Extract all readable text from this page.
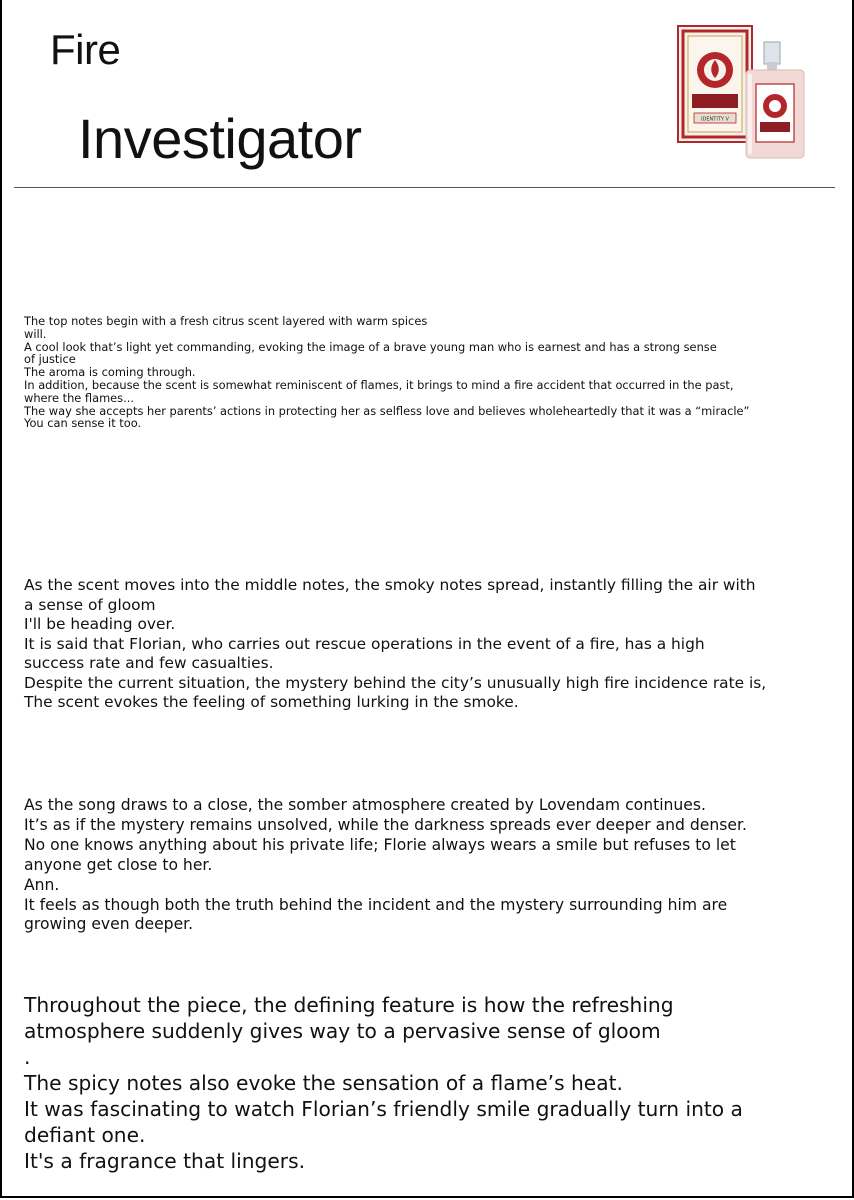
Fire
Investigator	IDENTITY V

The top notes begin with a fresh citrus scent layered with warm spices

will.

A cool look that’s light yet commanding, evoking the image of a brave young man who is earnest and has a strong sense

of justice

The aroma is coming through.

In addition, because the scent is somewhat reminiscent of flames, it brings to mind a fire accident that occurred in the past,

where the flames...

The way she accepts her parents’ actions in protecting her as selfless love and believes wholeheartedly that it was a “miracle”

You can sense it too.

As the scent moves into the middle notes, the smoky notes spread, instantly filling the air with

a sense of gloom

I'll be heading over.

It is said that Florian, who carries out rescue operations in the event of a fire, has a high

success rate and few casualties.

Despite the current situation, the mystery behind the city’s unusually high fire incidence rate is,

The scent evokes the feeling of something lurking in the smoke.

As the song draws to a close, the somber atmosphere created by Lovendam continues.

It’s as if the mystery remains unsolved, while the darkness spreads ever deeper and denser.

No one knows anything about his private life; Florie always wears a smile but refuses to let

anyone get close to her.

Ann.

It feels as though both the truth behind the incident and the mystery surrounding him are

growing even deeper.

Throughout the piece, the defining feature is how the refreshing

atmosphere suddenly gives way to a pervasive sense of gloom

.

The spicy notes also evoke the sensation of a flame’s heat.

It was fascinating to watch Florian’s friendly smile gradually turn into a

defiant one.

It's a fragrance that lingers.
